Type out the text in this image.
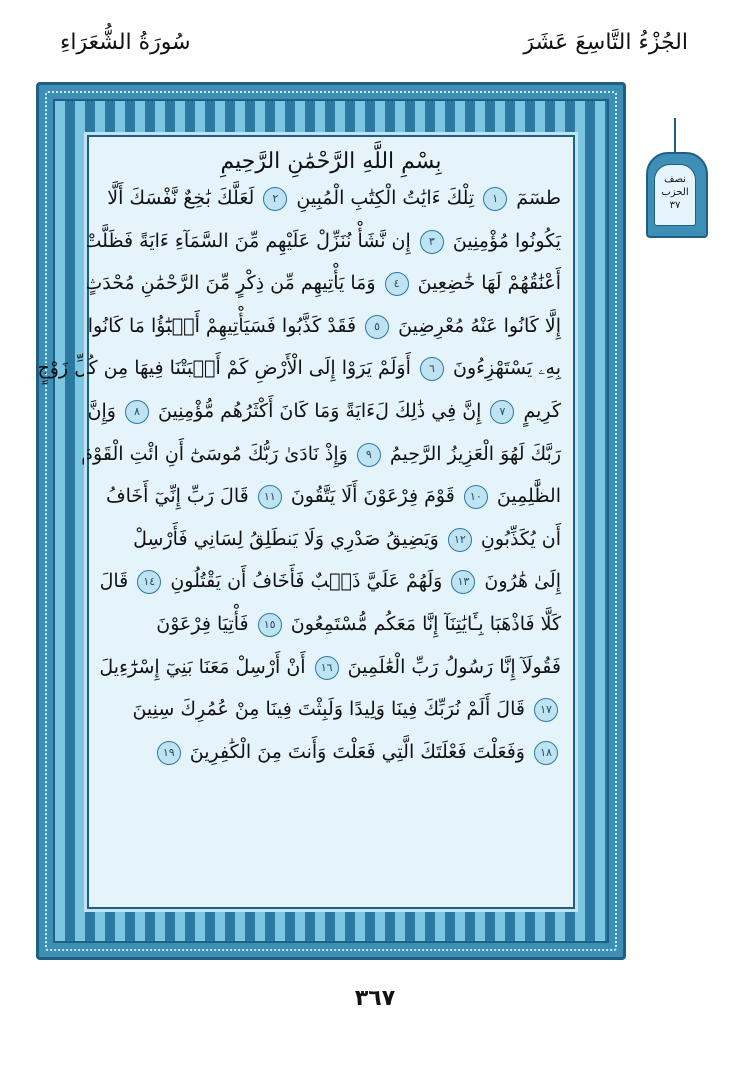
الجُزْءُ التَّاسِعَ عَشَرَ
سُورَةُ الشُّعَرَاءِ
نصف
الحزب
٣٧
بِسْمِ اللَّهِ الرَّحْمَٰنِ الرَّحِيمِ
طسٓمٓ ١ تِلْكَ ءَايَٰتُ الْكِتَٰبِ الْمُبِينِ ٢ لَعَلَّكَ بَٰخِعٌ نَّفْسَكَ أَلَّا
يَكُونُوا مُؤْمِنِينَ ٣ إِن نَّشَأْ نُنَزِّلْ عَلَيْهِم مِّنَ السَّمَآءِ ءَايَةً فَظَلَّتْ
أَعْنَٰقُهُمْ لَهَا خَٰضِعِينَ ٤ وَمَا يَأْتِيهِم مِّن ذِكْرٍ مِّنَ الرَّحْمَٰنِ مُحْدَثٍ
إِلَّا كَانُوا عَنْهُ مُعْرِضِينَ ٥ فَقَدْ كَذَّبُوا فَسَيَأْتِيهِمْ أَنۢبَٰٓؤُا مَا كَانُوا
بِهِۦ يَسْتَهْزِءُونَ ٦ أَوَلَمْ يَرَوْا إِلَى الْأَرْضِ كَمْ أَنۢبَتْنَا فِيهَا مِن كُلِّ زَوْجٍ
كَرِيمٍ ٧ إِنَّ فِي ذَٰلِكَ لَءَايَةً وَمَا كَانَ أَكْثَرُهُم مُّؤْمِنِينَ ٨ وَإِنَّ
رَبَّكَ لَهُوَ الْعَزِيزُ الرَّحِيمُ ٩ وَإِذْ نَادَىٰ رَبُّكَ مُوسَىٰٓ أَنِ ائْتِ الْقَوْمَ
الظَّٰلِمِينَ ١٠ قَوْمَ فِرْعَوْنَ أَلَا يَتَّقُونَ ١١ قَالَ رَبِّ إِنِّيٓ أَخَافُ
أَن يُكَذِّبُونِ ١٢ وَيَضِيقُ صَدْرِي وَلَا يَنطَلِقُ لِسَانِي فَأَرْسِلْ
إِلَىٰ هَٰرُونَ ١٣ وَلَهُمْ عَلَيَّ ذَنۢبٌ فَأَخَافُ أَن يَقْتُلُونِ ١٤ قَالَ
كَلَّا فَاذْهَبَا بِـَٔايَٰتِنَآ إِنَّا مَعَكُم مُّسْتَمِعُونَ ١٥ فَأْتِيَا فِرْعَوْنَ
فَقُولَآ إِنَّا رَسُولُ رَبِّ الْعَٰلَمِينَ ١٦ أَنْ أَرْسِلْ مَعَنَا بَنِيٓ إِسْرَٰٓءِيلَ
١٧ قَالَ أَلَمْ نُرَبِّكَ فِينَا وَلِيدًا وَلَبِثْتَ فِينَا مِنْ عُمُرِكَ سِنِينَ
١٨ وَفَعَلْتَ فَعْلَتَكَ الَّتِي فَعَلْتَ وَأَنتَ مِنَ الْكَٰفِرِينَ ١٩
٣٦٧
